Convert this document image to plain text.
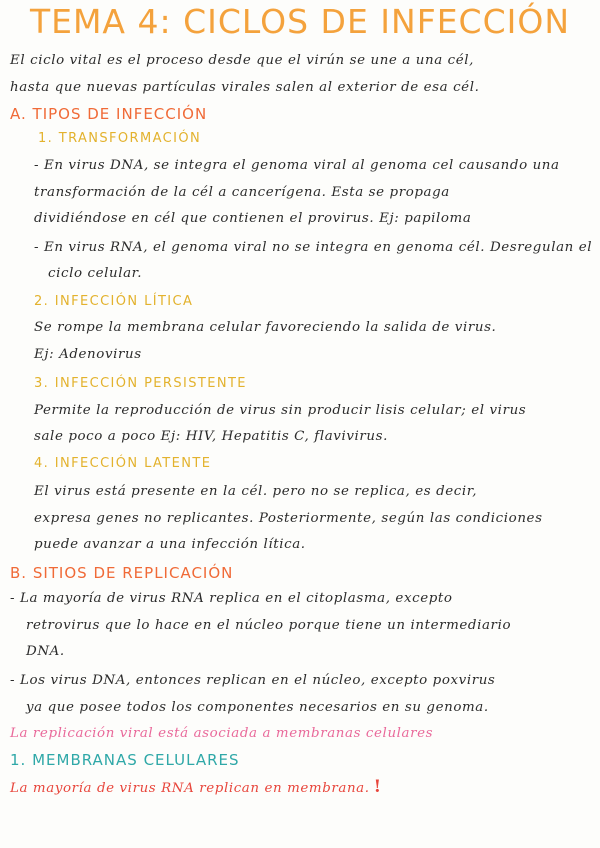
TEMA 4: CICLOS DE INFECCIÓN
El ciclo vital es el proceso desde que el virún se une a una cél,
hasta que nuevas partículas virales salen al exterior de esa cél.
A. TIPOS DE INFECCIÓN
1. TRANSFORMACIÓN
- En virus DNA, se integra el genoma viral al genoma cel causando una
transformación de la cél a cancerígena. Esta se propaga
dividiéndose en cél que contienen el provirus. Ej: papiloma
- En virus RNA, el genoma viral no se integra en genoma cél. Desregulan el
ciclo celular.
2. INFECCIÓN LÍTICA
Se rompe la membrana celular favoreciendo la salida de virus.
Ej: Adenovirus
3. INFECCIÓN PERSISTENTE
Permite la reproducción de virus sin producir lisis celular; el virus
sale poco a poco Ej: HIV, Hepatitis C, flavivirus.
4. INFECCIÓN LATENTE
El virus está presente en la cél. pero no se replica, es decir,
expresa genes no replicantes. Posteriormente, según las condiciones
puede avanzar a una infección lítica.
B. SITIOS DE REPLICACIÓN
- La mayoría de virus RNA replica en el citoplasma, excepto
retrovirus que lo hace en el núcleo porque tiene un intermediario
DNA.
- Los virus DNA, entonces replican en el núcleo, excepto poxvirus
ya que posee todos los componentes necesarios en su genoma.
La replicación viral está asociada a membranas celulares
1. MEMBRANAS CELULARES
La mayoría de virus RNA replican en membrana. !
